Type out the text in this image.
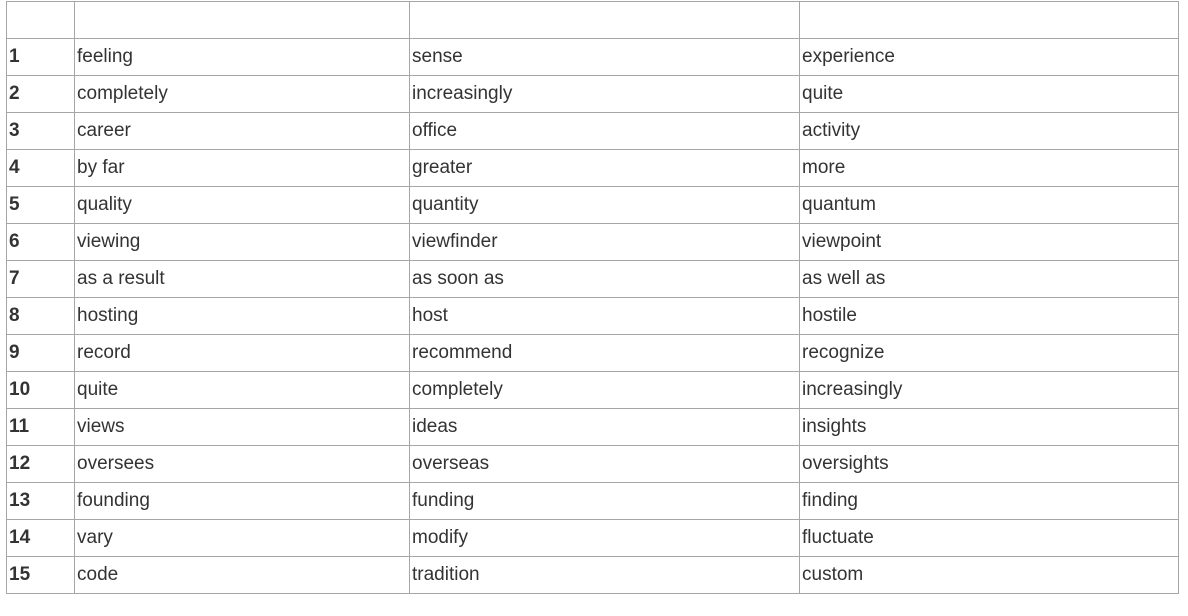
1	feeling	sense	experience
2	completely	increasingly	quite
3	career	office	activity
4	by far	greater	more
5	quality	quantity	quantum
6	viewing	viewfinder	viewpoint
7	as a result	as soon as	as well as
8	hosting	host	hostile
9	record	recommend	recognize
10	quite	completely	increasingly
11	views	ideas	insights
12	oversees	overseas	oversights
13	founding	funding	finding
14	vary	modify	fluctuate
15	code	tradition	custom
